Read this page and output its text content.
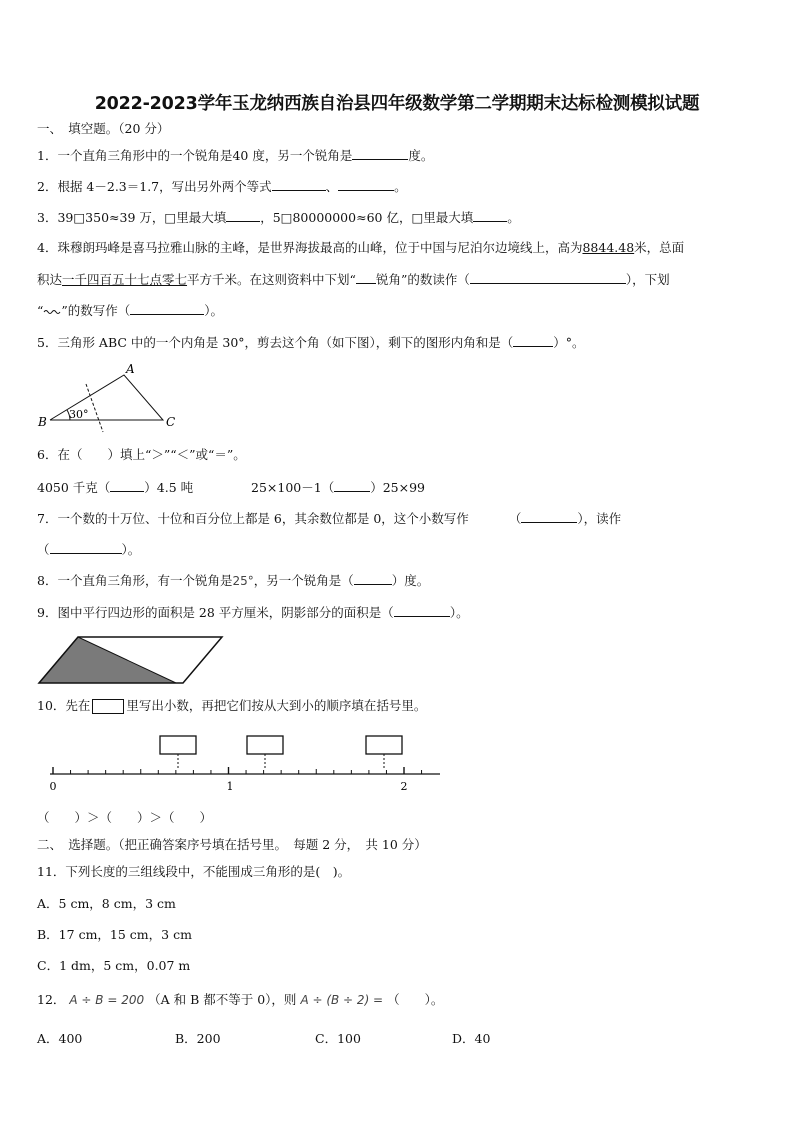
2022-2023学年玉龙纳西族自治县四年级数学第二学期期末达标检测模拟试题
一、　填空题。（20 分）
1．一个直角三角形中的一个锐角是40 度，另一个锐角是	度。
2．根据 4－2.3＝1.7，写出另外两个等式	、	。
3．39□350≈39 万，□里最大填	，5□80000000≈60 亿，□里最大填	。
4．珠穆朗玛峰是喜马拉雅山脉的主峰，是世界海拔最高的山峰，位于中国与尼泊尔边境线上，高为8844.48米，总面
积达一千四百五十七点零七平方千米。在这则资料中下划“ 锐角”的数读作（	），下划
“ ”的数写作（	）。
5．三角形 ABC 中的一个内角是 30°，剪去这个角（如下图），剩下的图形内角和是（	）°。
A
B	C
30°
6．在（　　）填上“＞”“＜”或“＝”。
4050 千克（	）4.5 吨	25×100－1（	）25×99
7．一个数的十万位、十位和百分位上都是 6，其余数位都是 0，这个小数写作	（	），读作
（	）。
8．一个直角三角形，有一个锐角是25°，另一个锐角是（	）度。
9．图中平行四边形的面积是 28 平方厘米，阴影部分的面积是（	）。
10．先在	里写出小数，再把它们按从大到小的顺序填在括号里。
0	1	2
（　　）＞（　　）＞（　　）
二、　选择题。（把正确答案序号填在括号里。　每题 2 分，　共 10 分）
11．下列长度的三组线段中，不能围成三角形的是(　)。
A．5 cm，8 cm，3 cm
B．17 cm，15 cm，3 cm
C．1 dm，5 cm，0.07 m
12． A ÷ B = 200 （A 和 B 都不等于 0），则 A ÷ (B ÷ 2) = （　　）。
A．400	B．200	C．100	D．40
